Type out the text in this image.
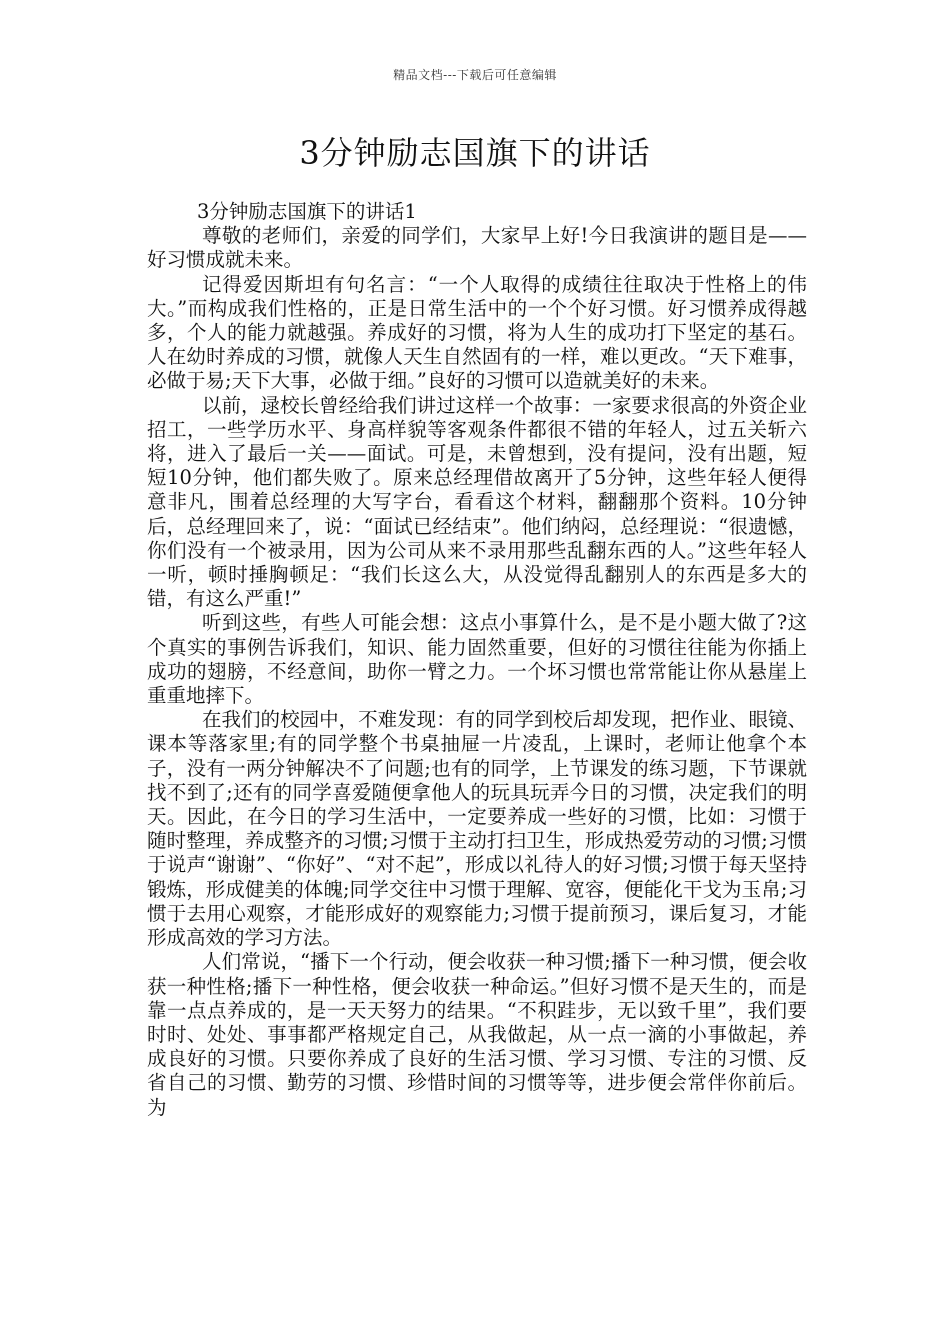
精品文档---下载后可任意编辑
3分钟励志国旗下的讲话

3分钟励志国旗下的讲话1

尊敬的老师们，亲爱的同学们，大家早上好!今日我演讲的题目是——好习惯成就未来。

记得爱因斯坦有句名言：“一个人取得的成绩往往取决于性格上的伟大。”而构成我们性格的，正是日常生活中的一个个好习惯。好习惯养成得越多，个人的能力就越强。养成好的习惯，将为人生的成功打下坚定的基石。人在幼时养成的习惯，就像人天生自然固有的一样，难以更改。“天下难事，必做于易;天下大事，必做于细。”良好的习惯可以造就美好的未来。

以前，逯校长曾经给我们讲过这样一个故事：一家要求很高的外资企业招工，一些学历水平、身高样貌等客观条件都很不错的年轻人，过五关斩六将，进入了最后一关——面试。可是，未曾想到，没有提问，没有出题，短短10分钟，他们都失败了。原来总经理借故离开了5分钟，这些年轻人便得意非凡，围着总经理的大写字台，看看这个材料，翻翻那个资料。10分钟后，总经理回来了，说：“面试已经结束”。他们纳闷，总经理说：“很遗憾，你们没有一个被录用，因为公司从来不录用那些乱翻东西的人。”这些年轻人一听，顿时捶胸顿足：“我们长这么大，从没觉得乱翻别人的东西是多大的错，有这么严重!”

听到这些，有些人可能会想：这点小事算什么，是不是小题大做了?这个真实的事例告诉我们，知识、能力固然重要，但好的习惯往往能为你插上成功的翅膀，不经意间，助你一臂之力。一个坏习惯也常常能让你从悬崖上重重地摔下。

在我们的校园中，不难发现：有的同学到校后却发现，把作业、眼镜、课本等落家里;有的同学整个书桌抽屉一片凌乱，上课时，老师让他拿个本子，没有一两分钟解决不了问题;也有的同学，上节课发的练习题，下节课就找不到了;还有的同学喜爱随便拿他人的玩具玩弄今日的习惯，决定我们的明天。因此，在今日的学习生活中，一定要养成一些好的习惯，比如：习惯于随时整理，养成整齐的习惯;习惯于主动打扫卫生，形成热爱劳动的习惯;习惯于说声“谢谢”、“你好”、“对不起”，形成以礼待人的好习惯;习惯于每天坚持锻炼，形成健美的体魄;同学交往中习惯于理解、宽容，便能化干戈为玉帛;习惯于去用心观察，才能形成好的观察能力;习惯于提前预习，课后复习，才能形成高效的学习方法。

人们常说，“播下一个行动，便会收获一种习惯;播下一种习惯，便会收获一种性格;播下一种性格，便会收获一种命运。”但好习惯不是天生的，而是靠一点点养成的，是一天天努力的结果。“不积跬步，无以致千里”，我们要时时、处处、事事都严格规定自己，从我做起，从一点一滴的小事做起，养成良好的习惯。只要你养成了良好的生活习惯、学习习惯、专注的习惯、反省自己的习惯、勤劳的习惯、珍惜时间的习惯等等，进步便会常伴你前后。为
